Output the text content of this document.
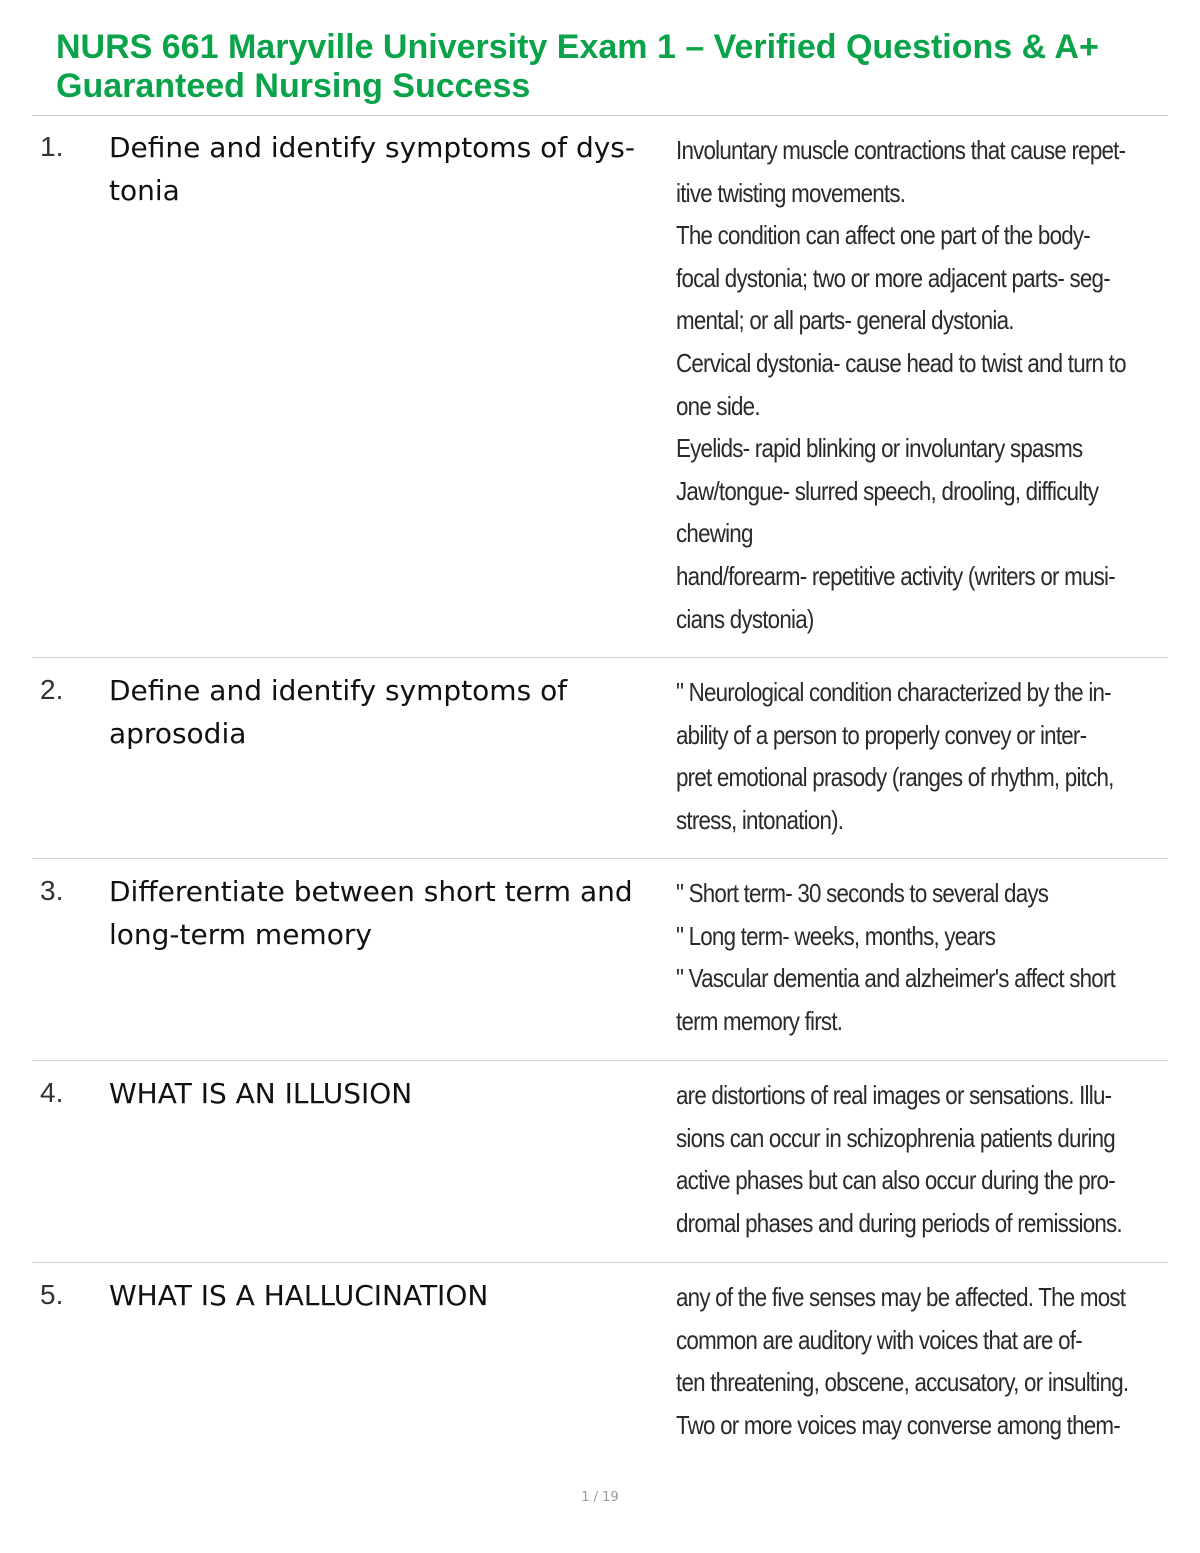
NURS 661 Maryville University Exam 1 – Verified Questions & A+
Guaranteed Nursing Success
1. Define and identify symptoms of dys- tonia
Involuntary muscle contractions that cause repet-
itive twisting movements.
The condition can affect one part of the body-
focal dystonia; two or more adjacent parts- seg-
mental; or all parts- general dystonia.
Cervical dystonia- cause head to twist and turn to
one side.
Eyelids- rapid blinking or involuntary spasms
Jaw/tongue- slurred speech, drooling, difficulty
chewing
hand/forearm- repetitive activity (writers or musi-
cians dystonia)
2. Define and identify symptoms of aprosodia
" Neurological condition characterized by the in-
ability of a person to properly convey or inter-
pret emotional prasody (ranges of rhythm, pitch,
stress, intonation).
3. Differentiate between short term and long-term memory
" Short term- 30 seconds to several days
" Long term- weeks, months, years
" Vascular dementia and alzheimer's affect short
term memory first.
4. WHAT IS AN ILLUSION	are distortions of real images or sensations. Illu-
sions can occur in schizophrenia patients during
active phases but can also occur during the pro-
dromal phases and during periods of remissions.
5. WHAT IS A HALLUCINATION	any of the five senses may be affected. The most
common are auditory with voices that are of-
ten threatening, obscene, accusatory, or insulting.
Two or more voices may converse among them-
1 / 19
